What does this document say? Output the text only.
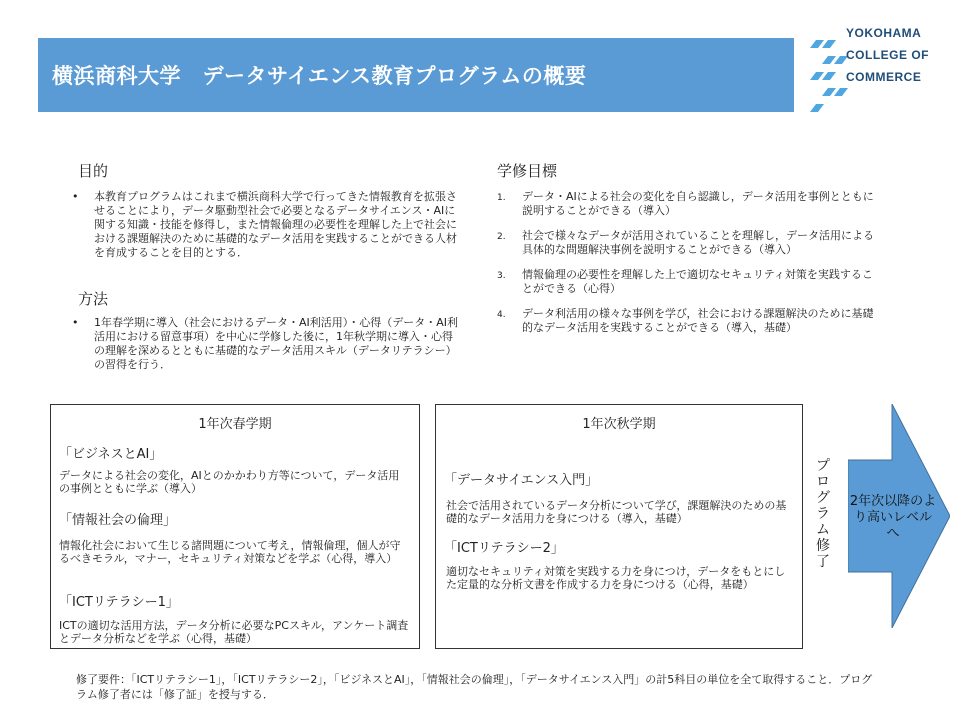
横浜商科大学　データサイエンス教育プログラムの概要
YOKOHAMA
COLLEGE OF
COMMERCE
目的
• 本教育プログラムはこれまで横浜商科大学で行ってきた情報教育を拡張させることにより，データ駆動型社会で必要となるデータサイエンス・AIに関する知識・技能を修得し，また情報倫理の必要性を理解した上で社会における課題解決のために基礎的なデータ活用を実践することができる人材を育成することを目的とする．
方法
• 1年春学期に導入（社会におけるデータ・AI利活用）・心得（データ・AI利活用における留意事項）を中心に学修した後に，1年秋学期に導入・心得の理解を深めるとともに基礎的なデータ活用スキル（データリテラシー）の習得を行う．
学修目標
1. データ・AIによる社会の変化を自ら認識し，データ活用を事例とともに説明することができる（導入）
2. 社会で様々なデータが活用されていることを理解し，データ活用による具体的な問題解決事例を説明することができる（導入）
3. 情報倫理の必要性を理解した上で適切なセキュリティ対策を実践することができる（心得）
4. データ利活用の様々な事例を学び，社会における課題解決のために基礎的なデータ活用を実践することができる（導入，基礎）
1年次春学期
「ビジネスとAI」
データによる社会の変化，AIとのかかわり方等について，データ活用の事例とともに学ぶ（導入）
「情報社会の倫理」
情報化社会において生じる諸問題について考え，情報倫理，個人が守るべきモラル，マナー，セキュリティ対策などを学ぶ（心得，導入）
「ICTリテラシー1」
ICTの適切な活用方法，データ分析に必要なPCスキル，アンケート調査とデータ分析などを学ぶ（心得，基礎）
1年次秋学期
「データサイエンス入門」
社会で活用されているデータ分析について学び，課題解決のための基礎的なデータ活用力を身につける（導入，基礎）
「ICTリテラシー2」
適切なセキュリティ対策を実践する力を身につけ，データをもとにした定量的な分析文書を作成する力を身につける（心得，基礎）
プログラム修了
2年次以降のより高いレベルへ
修了要件：「ICTリテラシー1」，「ICTリテラシー2」，「ビジネスとAI」，「情報社会の倫理」，「データサイエンス入門」の計5科目の単位を全て取得すること．プログラム修了者には「修了証」を授与する．
